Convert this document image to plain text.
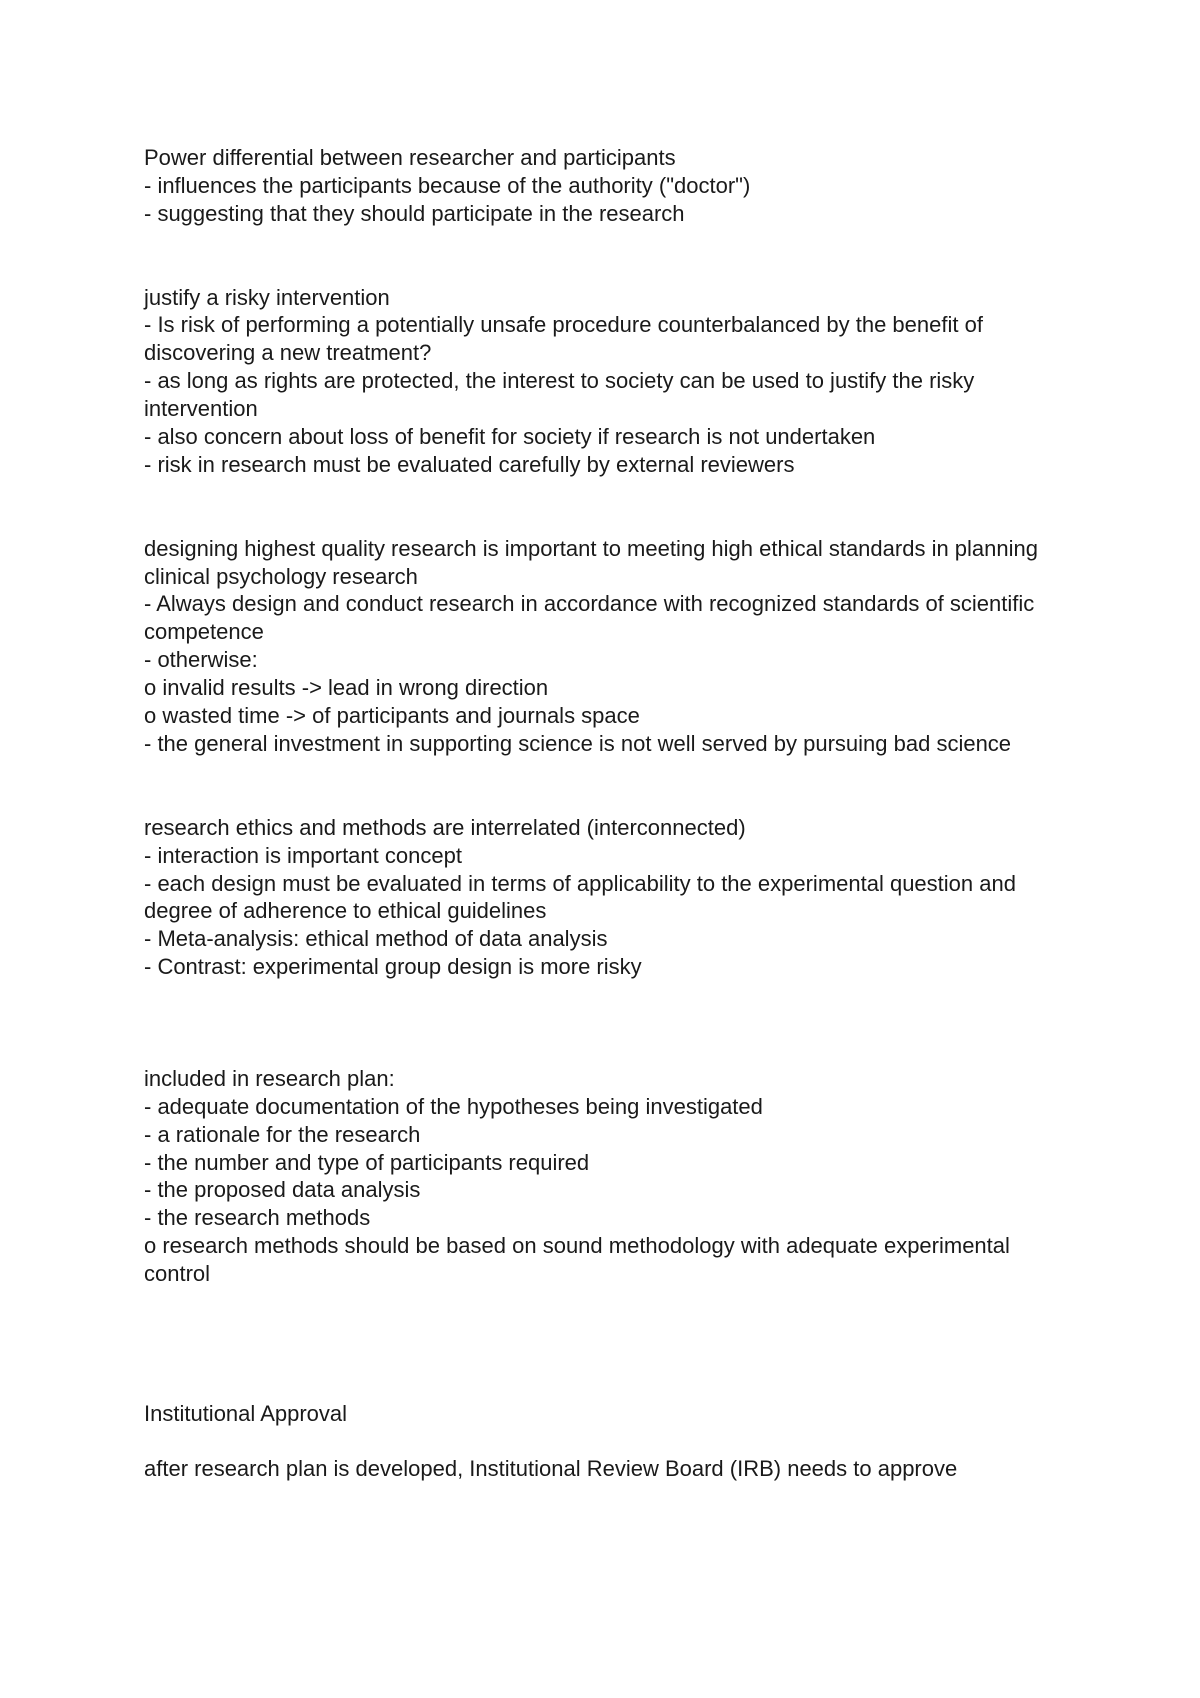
Power differential between researcher and participants
- influences the participants because of the authority ("doctor")
- suggesting that they should participate in the research
justify a risky intervention
- Is risk of performing a potentially unsafe procedure counterbalanced by the benefit of discovering a new treatment?
- as long as rights are protected, the interest to society can be used to justify the risky intervention
- also concern about loss of benefit for society if research is not undertaken
- risk in research must be evaluated carefully by external reviewers
designing highest quality research is important to meeting high ethical standards in planning clinical psychology research
- Always design and conduct research in accordance with recognized standards of scientific competence
- otherwise:
o invalid results -> lead in wrong direction
o wasted time -> of participants and journals space
- the general investment in supporting science is not well served by pursuing bad science
research ethics and methods are interrelated (interconnected)
- interaction is important concept
- each design must be evaluated in terms of applicability to the experimental question and degree of adherence to ethical guidelines
- Meta-analysis: ethical method of data analysis
- Contrast: experimental group design is more risky
included in research plan:
- adequate documentation of the hypotheses being investigated
- a rationale for the research
- the number and type of participants required
- the proposed data analysis
- the research methods
o research methods should be based on sound methodology with adequate experimental control
Institutional Approval
after research plan is developed, Institutional Review Board (IRB) needs to approve
